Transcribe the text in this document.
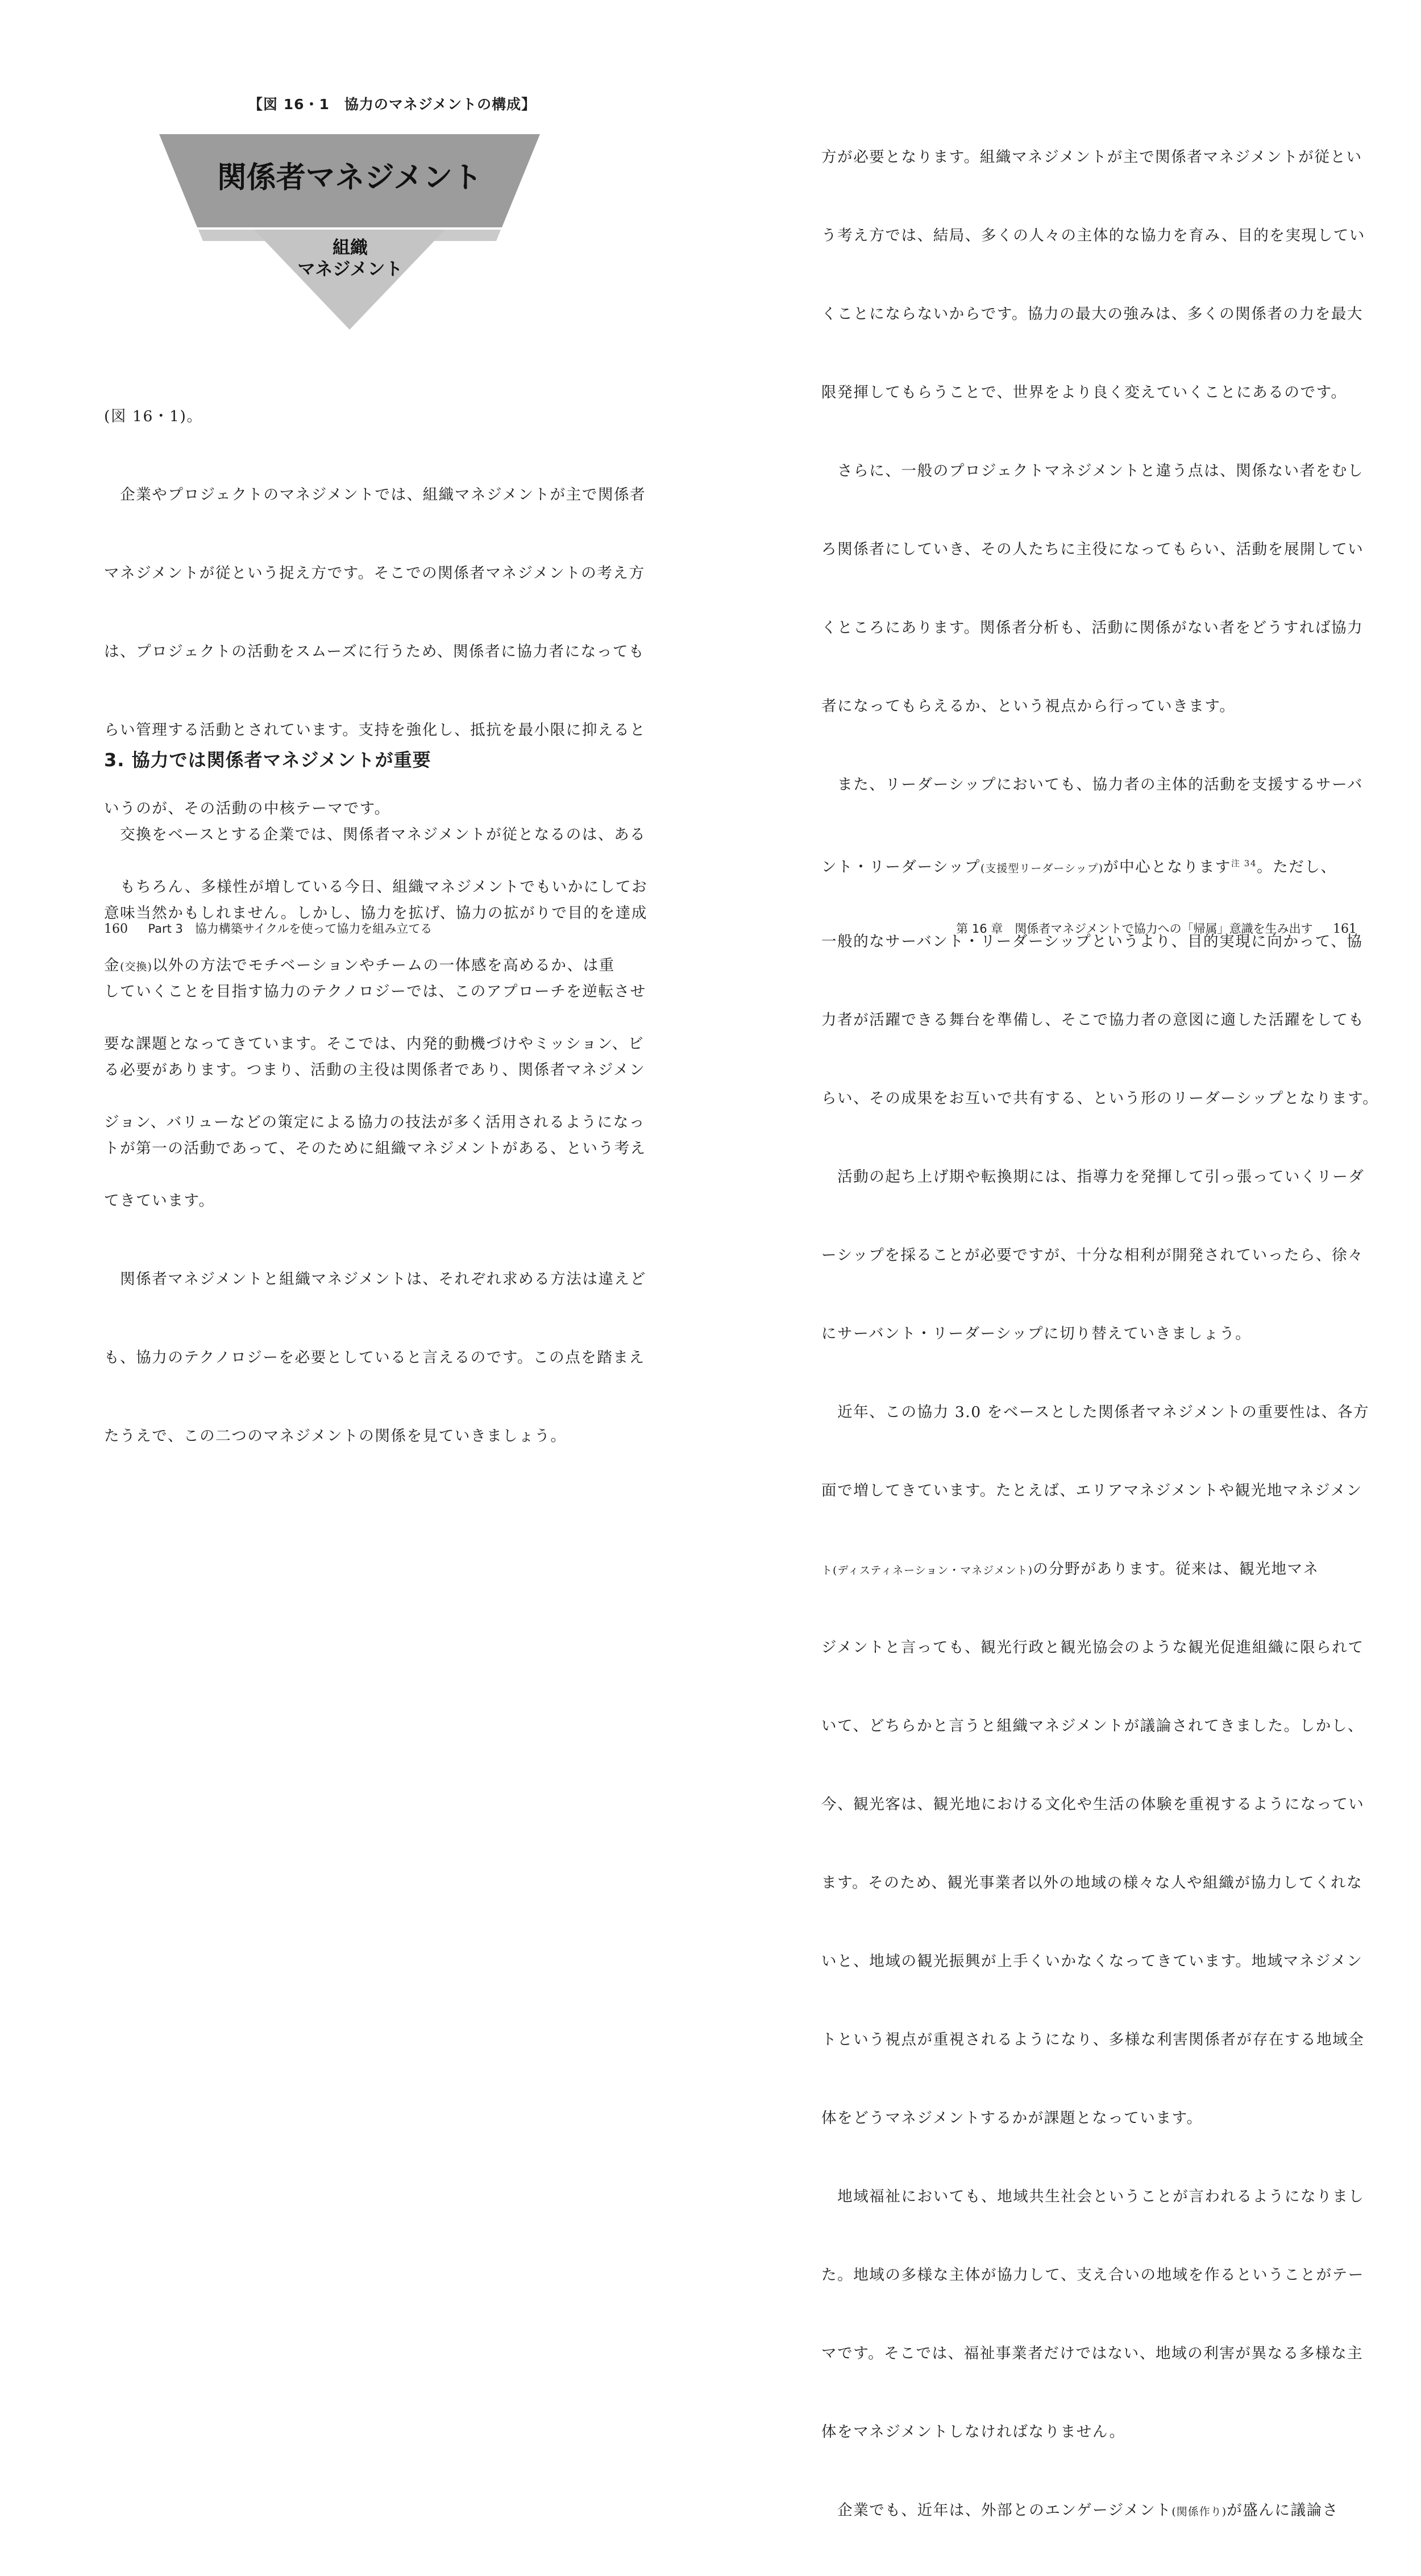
【図 16・1　協力のマネジメントの構成】
関係者マネジメント
組織
マネジメント

(図 16・1)。

　企業やプロジェクトのマネジメントでは、組織マネジメントが主で関係者

マネジメントが従という捉え方です。そこでの関係者マネジメントの考え方

は、プロジェクトの活動をスムーズに行うため、関係者に協力者になっても

らい管理する活動とされています。支持を強化し、抵抗を最小限に抑えると

いうのが、その活動の中核テーマです。

　もちろん、多様性が増している今日、組織マネジメントでもいかにしてお

金(交換)以外の方法でモチベーションやチームの一体感を高めるか、は重

要な課題となってきています。そこでは、内発的動機づけやミッション、ビ

ジョン、バリューなどの策定による協力の技法が多く活用されるようになっ

てきています。

　関係者マネジメントと組織マネジメントは、それぞれ求める方法は違えど

も、協力のテクノロジーを必要としていると言えるのです。この点を踏まえ

たうえで、この二つのマネジメントの関係を見ていきましょう。

3. 協力では関係者マネジメントが重要

　交換をベースとする企業では、関係者マネジメントが従となるのは、ある

意味当然かもしれません。しかし、協力を拡げ、協力の拡がりで目的を達成

していくことを目指す協力のテクノロジーでは、このアプローチを逆転させ

る必要があります。つまり、活動の主役は関係者であり、関係者マネジメン

トが第一の活動であって、そのために組織マネジメントがある、という考え

160 Part 3　協力構築サイクルを使って協力を組み立てる

方が必要となります。組織マネジメントが主で関係者マネジメントが従とい

う考え方では、結局、多くの人々の主体的な協力を育み、目的を実現してい

くことにならないからです。協力の最大の強みは、多くの関係者の力を最大

限発揮してもらうことで、世界をより良く変えていくことにあるのです。

　さらに、一般のプロジェクトマネジメントと違う点は、関係ない者をむし

ろ関係者にしていき、その人たちに主役になってもらい、活動を展開してい

くところにあります。関係者分析も、活動に関係がない者をどうすれば協力

者になってもらえるか、という視点から行っていきます。

　また、リーダーシップにおいても、協力者の主体的活動を支援するサーバ

ント・リーダーシップ(支援型リーダーシップ)が中心となります$^{注 34}$。ただし、

一般的なサーバント・リーダーシップというより、目的実現に向かって、協

力者が活躍できる舞台を準備し、そこで協力者の意図に適した活躍をしても

らい、その成果をお互いで共有する、という形のリーダーシップとなります。

　活動の起ち上げ期や転換期には、指導力を発揮して引っ張っていくリーダ

ーシップを採ることが必要ですが、十分な相利が開発されていったら、徐々

にサーバント・リーダーシップに切り替えていきましょう。

　近年、この協力 3.0 をベースとした関係者マネジメントの重要性は、各方

面で増してきています。たとえば、エリアマネジメントや観光地マネジメン

ト(ディスティネーション・マネジメント)の分野があります。従来は、観光地マネ

ジメントと言っても、観光行政と観光協会のような観光促進組織に限られて

いて、どちらかと言うと組織マネジメントが議論されてきました。しかし、

今、観光客は、観光地における文化や生活の体験を重視するようになってい

ます。そのため、観光事業者以外の地域の様々な人や組織が協力してくれな

いと、地域の観光振興が上手くいかなくなってきています。地域マネジメン

トという視点が重視されるようになり、多様な利害関係者が存在する地域全

体をどうマネジメントするかが課題となっています。

　地域福祉においても、地域共生社会ということが言われるようになりまし

た。地域の多様な主体が協力して、支え合いの地域を作るということがテー

マです。そこでは、福祉事業者だけではない、地域の利害が異なる多様な主

体をマネジメントしなければなりません。

　企業でも、近年は、外部とのエンゲージメント(関係作り)が盛んに議論さ

第 16 章　関係者マネジメントで協力への「帰属」意識を生み出す 161
